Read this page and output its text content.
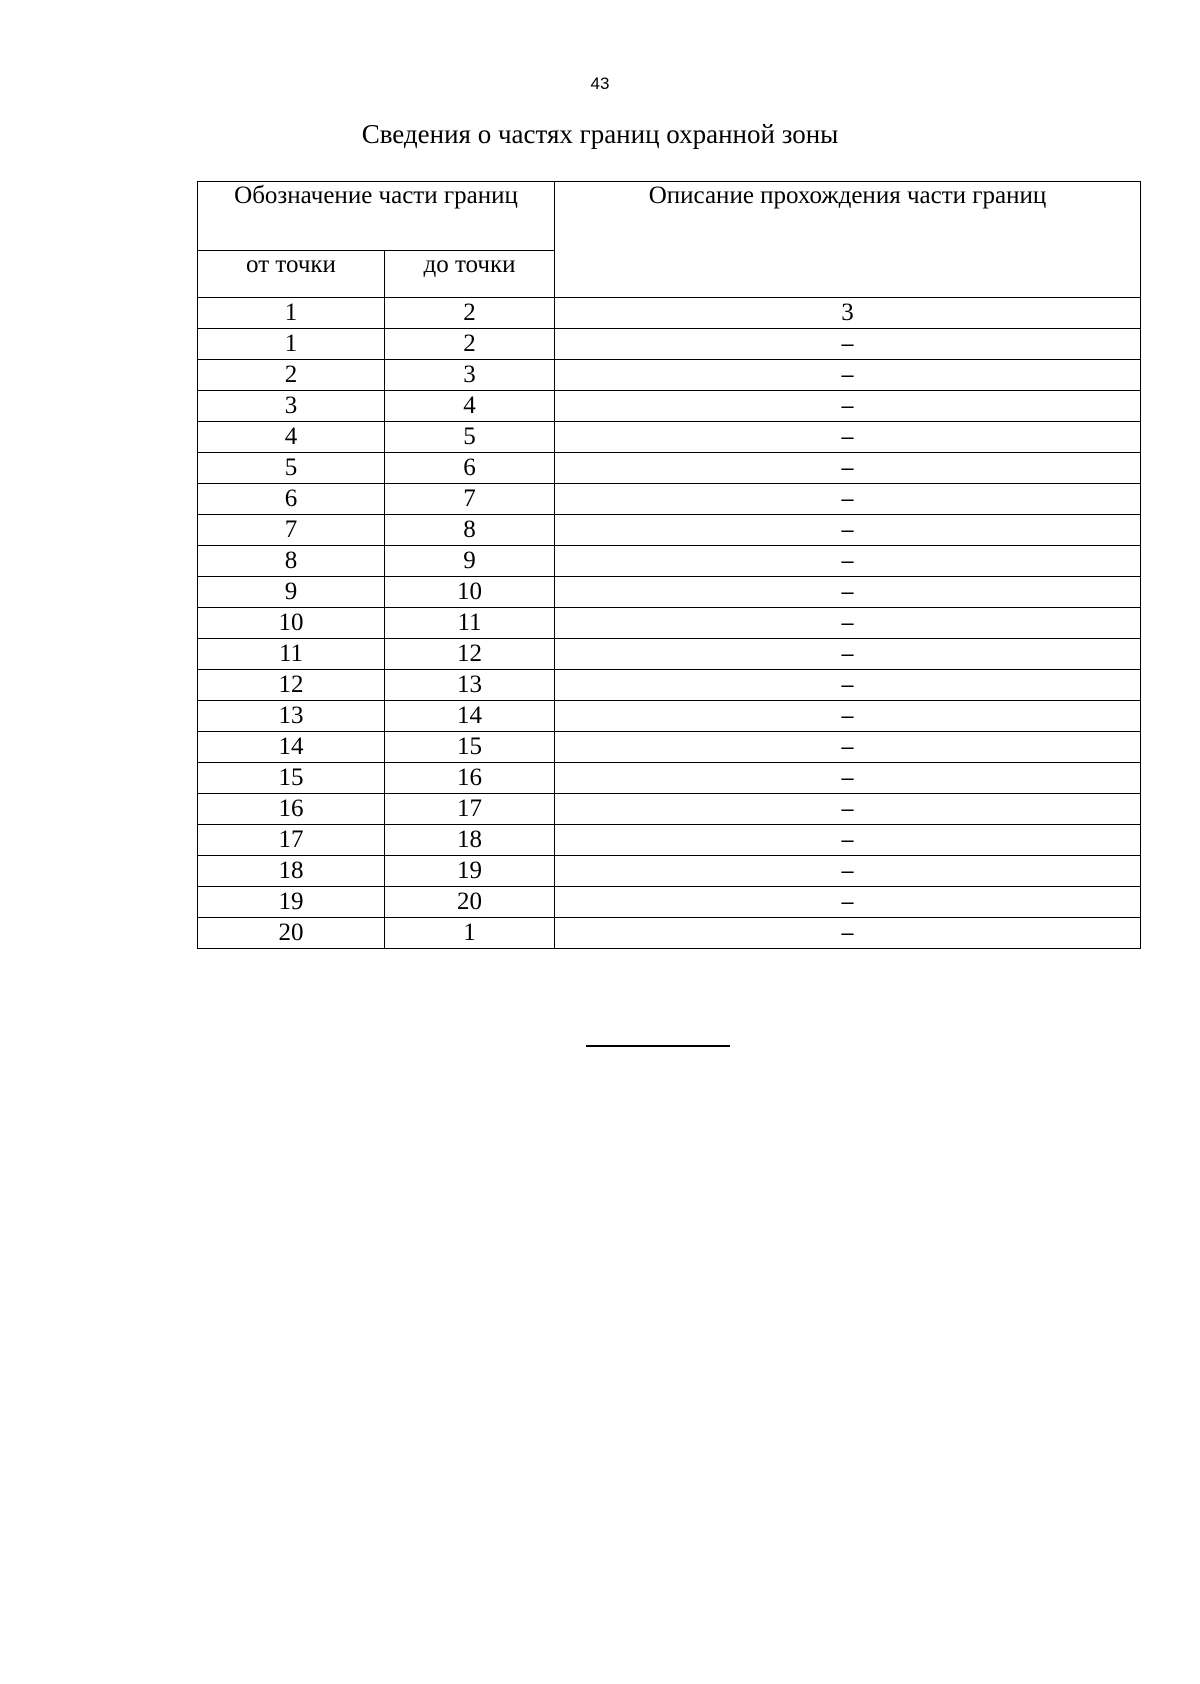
43
Сведения о частях границ охранной зоны
Обозначение части границ		Описание прохождения части границ
от точки	до точки	
1	2	3
1	2	–
2	3	–
3	4	–
4	5	–
5	6	–
6	7	–
7	8	–
8	9	–
9	10	–
10	11	–
11	12	–
12	13	–
13	14	–
14	15	–
15	16	–
16	17	–
17	18	–
18	19	–
19	20	–
20	1	–
